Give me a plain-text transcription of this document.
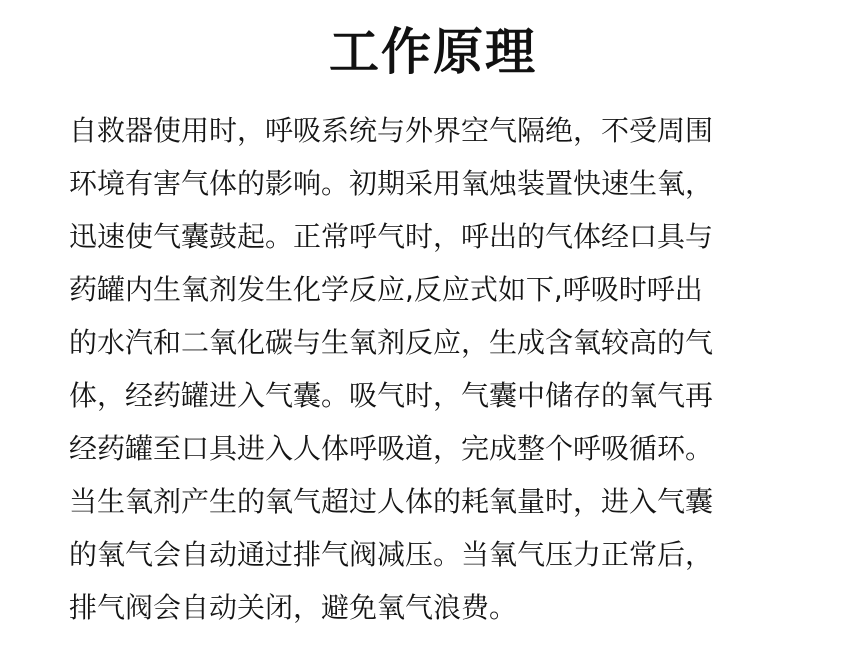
工作原理
自救器使用时，呼吸系统与外界空气隔绝，不受周围
环境有害气体的影响。初期采用氧烛装置快速生氧，
迅速使气囊鼓起。正常呼气时，呼出的气体经口具与
药罐内生氧剂发生化学反应,反应式如下,呼吸时呼出
的水汽和二氧化碳与生氧剂反应，生成含氧较高的气
体，经药罐进入气囊。吸气时，气囊中储存的氧气再
经药罐至口具进入人体呼吸道，完成整个呼吸循环。
当生氧剂产生的氧气超过人体的耗氧量时，进入气囊
的氧气会自动通过排气阀减压。当氧气压力正常后，
排气阀会自动关闭，避免氧气浪费。
